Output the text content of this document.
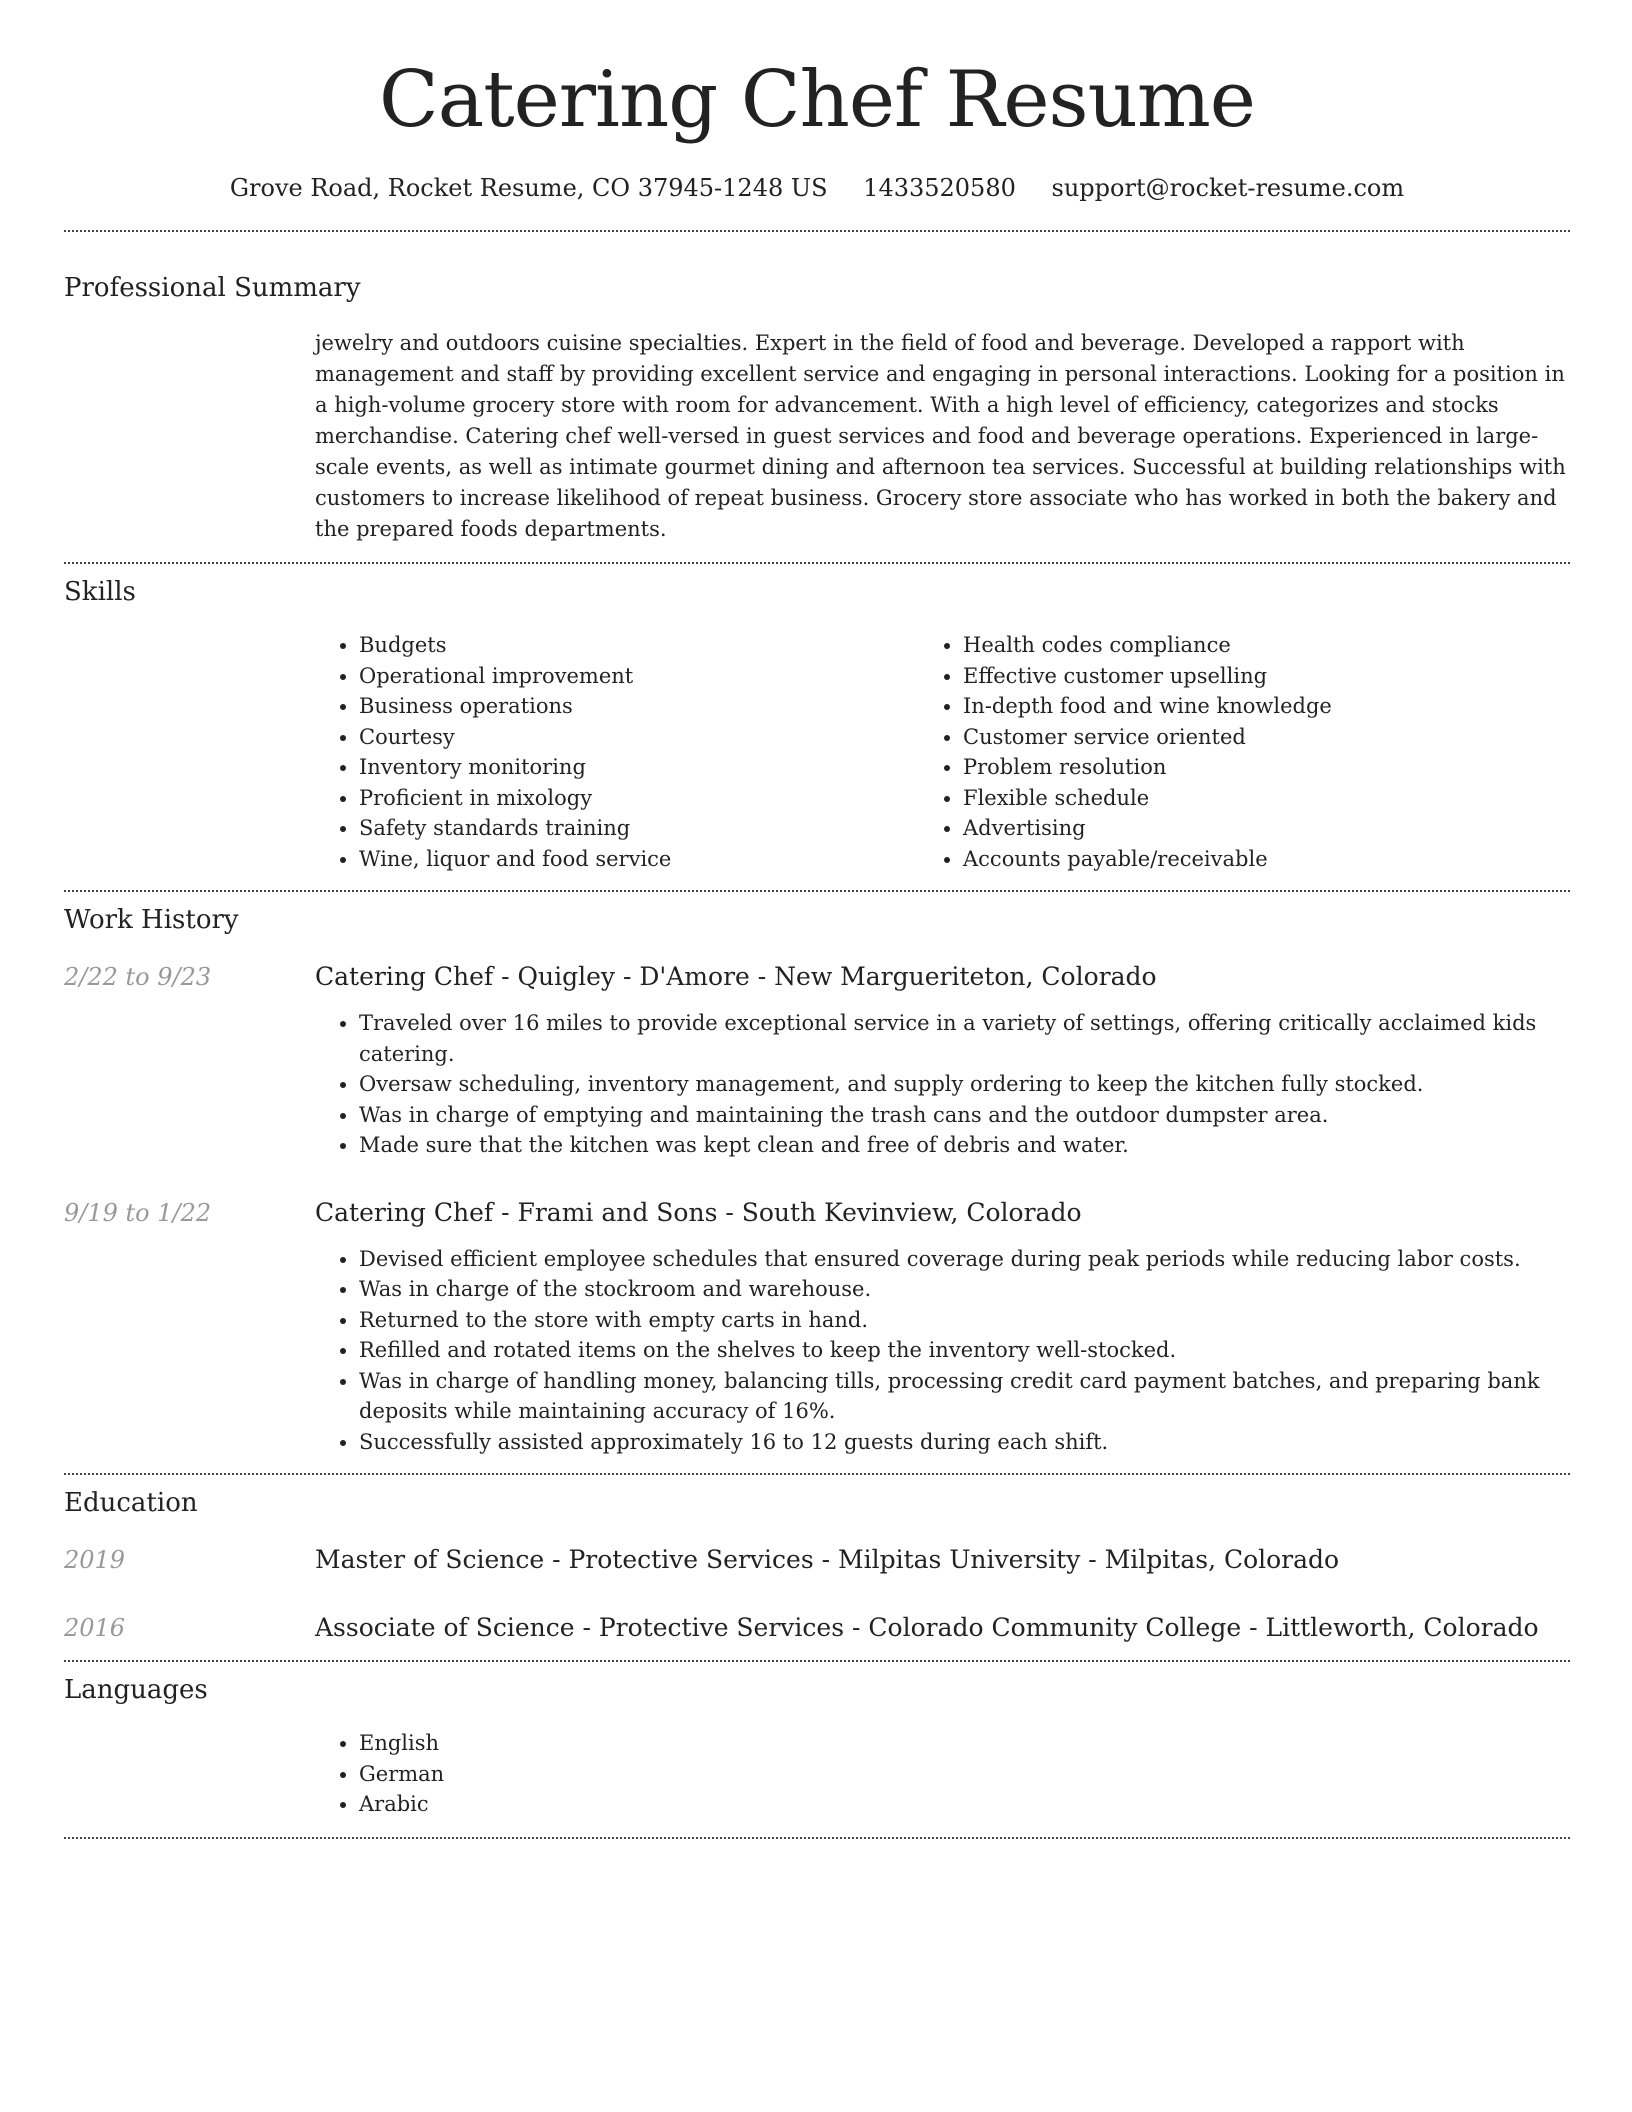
Catering Chef Resume
Grove Road, Rocket Resume, CO 37945-1248 US 1433520580 support@rocket-resume.com
Professional Summary

jewelry and outdoors cuisine specialties. Expert in the field of food and beverage. Developed a rapport with management and staff by providing excellent service and engaging in personal interactions. Looking for a position in a high-volume grocery store with room for advancement. With a high level of efficiency, categorizes and stocks merchandise. Catering chef well-versed in guest services and food and beverage operations. Experienced in large-scale events, as well as intimate gourmet dining and afternoon tea services. Successful at building relationships with customers to increase likelihood of repeat business. Grocery store associate who has worked in both the bakery and the prepared foods departments.

Skills
• Budgets
• Operational improvement
• Business operations
• Courtesy
• Inventory monitoring
• Proficient in mixology
• Safety standards training
• Wine, liquor and food service
• Health codes compliance
• Effective customer upselling
• In-depth food and wine knowledge
• Customer service oriented
• Problem resolution
• Flexible schedule
• Advertising
• Accounts payable/receivable
Work History
2/22 to 9/23	Catering Chef - Quigley - D'Amore - New Margueriteton, Colorado
• Traveled over 16 miles to provide exceptional service in a variety of settings, offering critically acclaimed kids catering.
• Oversaw scheduling, inventory management, and supply ordering to keep the kitchen fully stocked.
• Was in charge of emptying and maintaining the trash cans and the outdoor dumpster area.
• Made sure that the kitchen was kept clean and free of debris and water.
9/19 to 1/22	Catering Chef - Frami and Sons - South Kevinview, Colorado
• Devised efficient employee schedules that ensured coverage during peak periods while reducing labor costs.
• Was in charge of the stockroom and warehouse.
• Returned to the store with empty carts in hand.
• Refilled and rotated items on the shelves to keep the inventory well-stocked.
• Was in charge of handling money, balancing tills, processing credit card payment batches, and preparing bank deposits while maintaining accuracy of 16%.
• Successfully assisted approximately 16 to 12 guests during each shift.
Education
2019	Master of Science - Protective Services - Milpitas University - Milpitas, Colorado
2016	Associate of Science - Protective Services - Colorado Community College - Littleworth, Colorado
Languages
• English
• German
• Arabic
